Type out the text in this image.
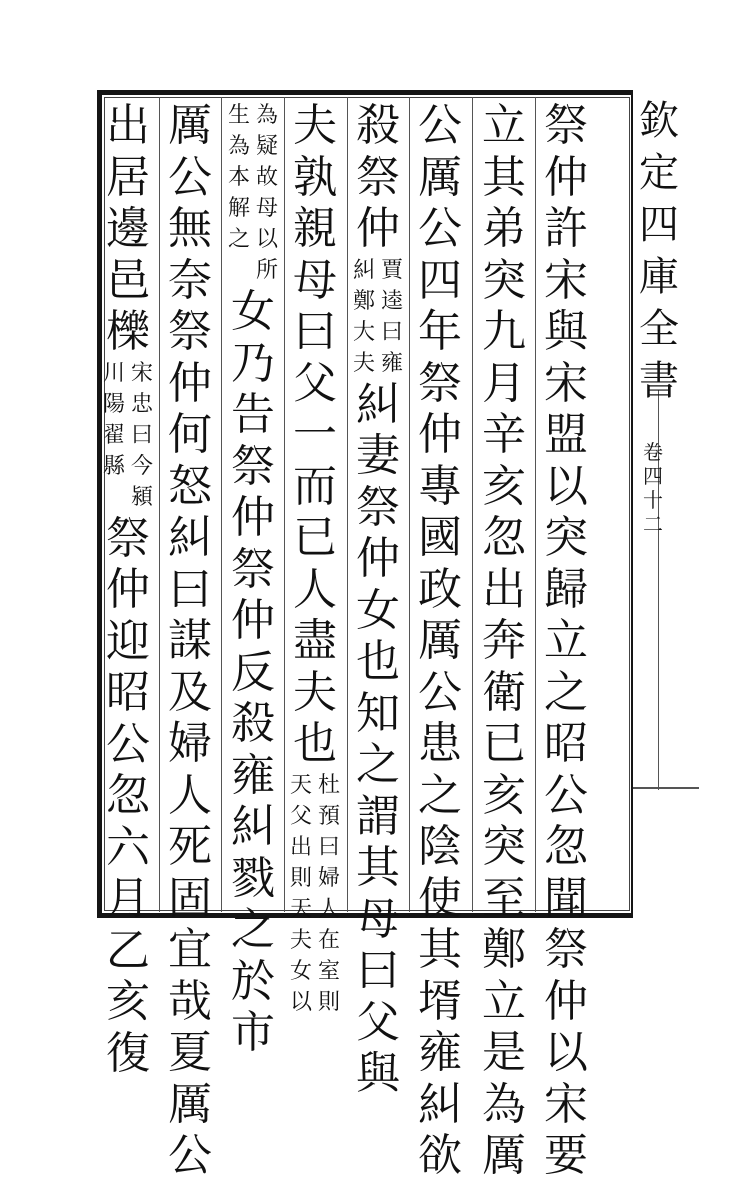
欽
定
四
庫
全
書
卷
四
十
二
祭
仲
許
宋
與
宋
盟
以
突
歸
立
之
昭
公
忽
聞
祭
仲
以
宋
要
立
其
弟
突
九
月
辛
亥
忽
出
奔
衛
已
亥
突
至
鄭
立
是
為
厲
公
厲
公
四
年
祭
仲
專
國
政
厲
公
患
之
陰
使
其
壻
雍
糾
欲
殺
祭
仲
賈
逵
曰
雍
糾
鄭
大
夫
糾
妻
祭
仲
女
也
知
之
謂
其
母
曰
父
與
夫
孰
親
母
曰
父
一
而
已
人
盡
夫
也
杜
預
曰
婦
人
在
室
則
天
父
出
則
天
夫
女
以
為
疑
故
母
以
所
生
為
本
解
之
女
乃
告
祭
仲
祭
仲
反
殺
雍
糾
戮
之
於
市
厲
公
無
奈
祭
仲
何
怒
糾
曰
謀
及
婦
人
死
固
宜
哉
夏
厲
公
出
居
邊
邑
櫟
宋
忠
曰
今
潁
川
陽
翟
縣
祭
仲
迎
昭
公
忽
六
月
乙
亥
復
